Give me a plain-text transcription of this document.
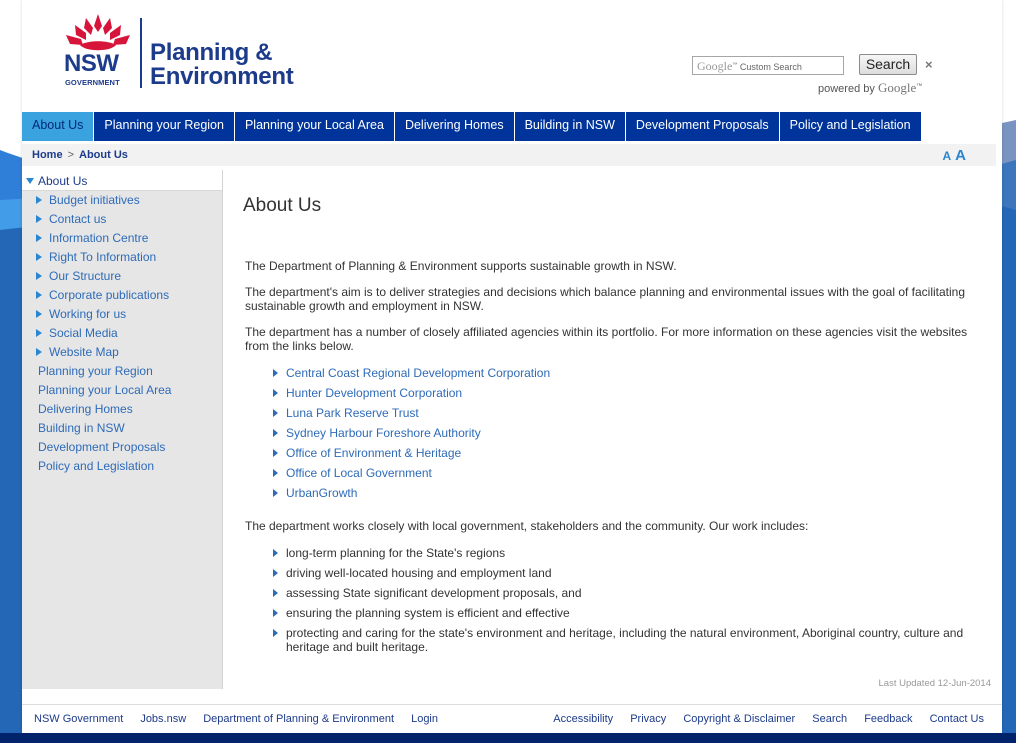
NSW
GOVERNMENT
Planning &
Environment	Google™ Custom Search	Search	×
powered by Google™
About Us	Planning your Region	Planning your Local Area	Delivering Homes	Building in NSW	Development Proposals	Policy and Legislation
Home > About Us	A A
About Us
Budget initiatives
Contact us
Information Centre
Right To Information
Our Structure
Corporate publications
Working for us
Social Media
Website Map
Planning your Region
Planning your Local Area
Delivering Homes
Building in NSW
Development Proposals
Policy and Legislation
About Us

The Department of Planning & Environment supports sustainable growth in NSW.

The department's aim is to deliver strategies and decisions which balance planning and environmental issues with the goal of facilitating sustainable growth and employment in NSW.

The department has a number of closely affiliated agencies within its portfolio. For more information on these agencies visit the websites from the links below.

Central Coast Regional Development Corporation
Hunter Development Corporation
Luna Park Reserve Trust
Sydney Harbour Foreshore Authority
Office of Environment & Heritage
Office of Local Government
UrbanGrowth

The department works closely with local government, stakeholders and the community. Our work includes:

long-term planning for the State's regions
driving well-located housing and employment land
assessing State significant development proposals, and
ensuring the planning system is efficient and effective
protecting and caring for the state's environment and heritage, including the natural environment, Aboriginal country, culture and heritage and built heritage.
Last Updated 12-Jun-2014
NSW Government Jobs.nsw Department of Planning & Environment Login	Accessibility Privacy Copyright & Disclaimer Search Feedback Contact Us
